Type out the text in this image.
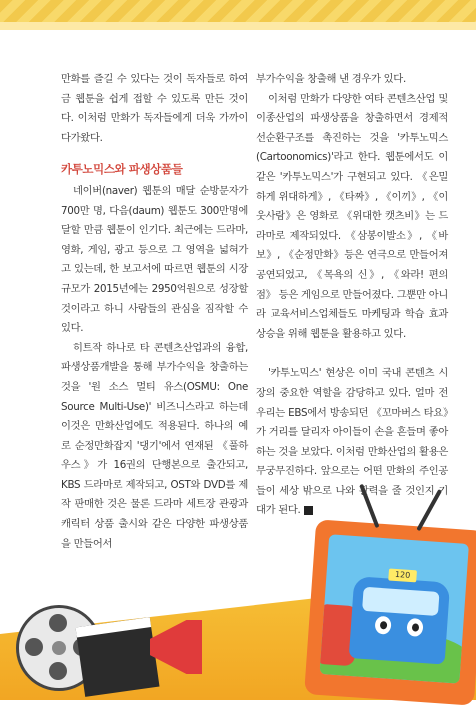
만화를 즐길 수 있다는 것이 독자들로 하여금 웹툰을 쉽게 접할 수 있도록 만든 것이다. 이처럼 만화가 독자들에게 더욱 가까이 다가왔다.

카투노믹스와 파생상품들

네이버(naver) 웹툰의 매달 순방문자가 700만 명, 다음(daum) 웹툰도 300만명에 달할 만큼 웹툰이 인기다. 최근에는 드라마, 영화, 게임, 광고 등으로 그 영역을 넓혀가고 있는데, 한 보고서에 따르면 웹툰의 시장규모가 2015년에는 2950억원으로 성장할 것이라고 하니 사람들의 관심을 짐작할 수 있다.

히트작 하나로 타 콘텐츠산업과의 융합, 파생상품개발을 통해 부가수익을 창출하는 것을 '원 소스 멀티 유스(OSMU: One Source Multi-Use)' 비즈니스라고 하는데 이것은 만화산업에도 적용된다. 하나의 예로 순정만화잡지 '댕기'에서 연재된 《풀하우스》가 16권의 단행본으로 출간되고, KBS 드라마로 제작되고, OST와 DVD를 제작 판매한 것은 물론 드라마 세트장 관광과 캐릭터 상품 출시와 같은 다양한 파생상품을 만들어서

부가수익을 창출해 낸 경우가 있다.

이처럼 만화가 다양한 여타 콘텐츠산업 및 이종산업의 파생상품을 창출하면서 경제적 선순환구조를 촉진하는 것을 '카투노믹스(Cartoonomics)'라고 한다. 웹툰에서도 이 같은 '카투노믹스'가 구현되고 있다. 《은밀하게 위대하게》, 《타짜》, 《이끼》, 《이웃사람》은 영화로 《위대한 캣츠비》는 드라마로 제작되었다. 《삼봉이발소》, 《바보》, 《순정만화》등은 연극으로 만들어져 공연되었고, 《목욕의 신》, 《와라! 편의점》 등은 게임으로 만들어졌다. 그뿐만 아니라 교육서비스업체들도 마케팅과 학습 효과 상승을 위해 웹툰을 활용하고 있다.

'카투노믹스' 현상은 이미 국내 콘텐츠 시장의 중요한 역할을 감당하고 있다. 얼마 전 우리는 EBS에서 방송되던 《꼬마버스 타요》가 거리를 달리자 아이들이 손을 흔들며 좋아하는 것을 보았다. 이처럼 만화산업의 활용은 무궁무진하다. 앞으로는 어떤 만화의 주인공들이 세상 밖으로 나와 활력을 줄 것인지 기대가 된다. N

120
